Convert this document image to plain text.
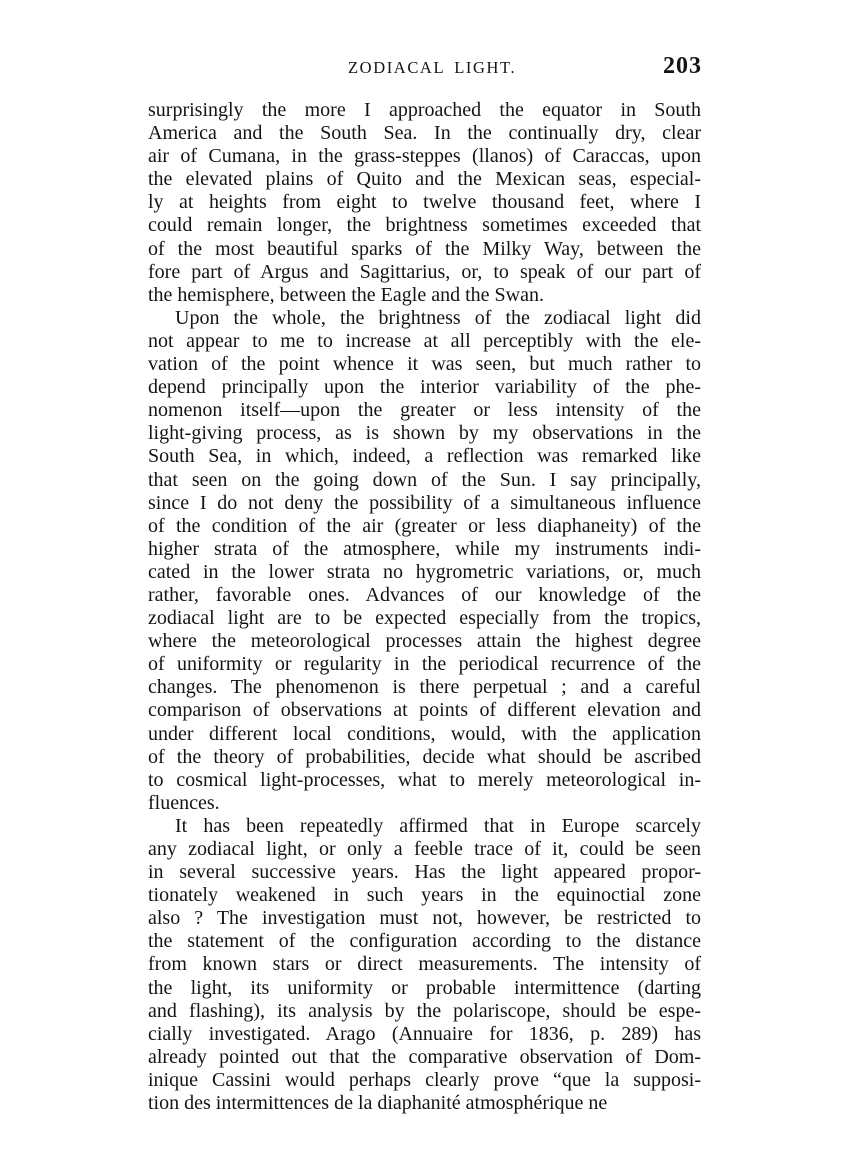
ZODIACAL LIGHT.	203
surprisingly the more I approached the equator in South
America and the South Sea. In the continually dry, clear
air of Cumana, in the grass-steppes (llanos) of Caraccas, upon
the elevated plains of Quito and the Mexican seas, especial-
ly at heights from eight to twelve thousand feet, where I
could remain longer, the brightness sometimes exceeded that
of the most beautiful sparks of the Milky Way, between the
fore part of Argus and Sagittarius, or, to speak of our part of
the hemisphere, between the Eagle and the Swan.
Upon the whole, the brightness of the zodiacal light did
not appear to me to increase at all perceptibly with the ele-
vation of the point whence it was seen, but much rather to
depend principally upon the interior variability of the phe-
nomenon itself—upon the greater or less intensity of the
light-giving process, as is shown by my observations in the
South Sea, in which, indeed, a reflection was remarked like
that seen on the going down of the Sun. I say principally,
since I do not deny the possibility of a simultaneous influence
of the condition of the air (greater or less diaphaneity) of the
higher strata of the atmosphere, while my instruments indi-
cated in the lower strata no hygrometric variations, or, much
rather, favorable ones. Advances of our knowledge of the
zodiacal light are to be expected especially from the tropics,
where the meteorological processes attain the highest degree
of uniformity or regularity in the periodical recurrence of the
changes. The phenomenon is there perpetual ; and a careful
comparison of observations at points of different elevation and
under different local conditions, would, with the application
of the theory of probabilities, decide what should be ascribed
to cosmical light-processes, what to merely meteorological in-
fluences.
It has been repeatedly affirmed that in Europe scarcely
any zodiacal light, or only a feeble trace of it, could be seen
in several successive years. Has the light appeared propor-
tionately weakened in such years in the equinoctial zone
also ? The investigation must not, however, be restricted to
the statement of the configuration according to the distance
from known stars or direct measurements. The intensity of
the light, its uniformity or probable intermittence (darting
and flashing), its analysis by the polariscope, should be espe-
cially investigated. Arago (Annuaire for 1836, p. 289) has
already pointed out that the comparative observation of Dom-
inique Cassini would perhaps clearly prove “que la supposi-
tion des intermittences de la diaphanité atmosphérique ne
